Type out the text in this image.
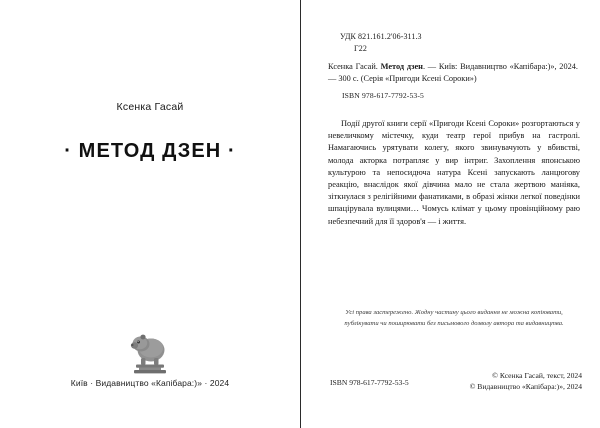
Ксенка Гасай
· МЕТОД ДЗЕН ·
Київ · Видавництво «Капібара:)» · 2024
УДК 821.161.2'06-311.3
Г22
Ксенка Гасай. Метод дзен. — Київ: Видавництво «Капібара:)», 2024. — 300 с. (Серія «Пригоди Ксені Сороки»)
ISBN 978-617-7792-53-5
Події другої книги серії «Пригоди Ксені Сороки» розгортаються у невеличкому містечку, куди театр герої прибув на гастролі. Намагаючись урятувати колегу, якого звинувачують у вбивстві, молода акторка потрапляє у вир інтриг. Захоплення японською культурою та непосидюча натура Ксені запускають ланцюгову реакцію, внаслідок якої дівчина мало не стала жертвою маніяка, зіткнулася з релігійними фанатиками, в образі жінки легкої поведінки шпацірувала вулицями… Чомусь клімат у цьому провінційному раю небезпечний для її здоров'я — і життя.
Усі права застережено. Жодну частину цього видання не можна копіювати, публікувати чи поширювати без письмового дозволу автора та видавництва.
ISBN 978-617-7792-53-5
© Ксенка Гасай, текст, 2024
© Видавництво «Капібара:)», 2024
